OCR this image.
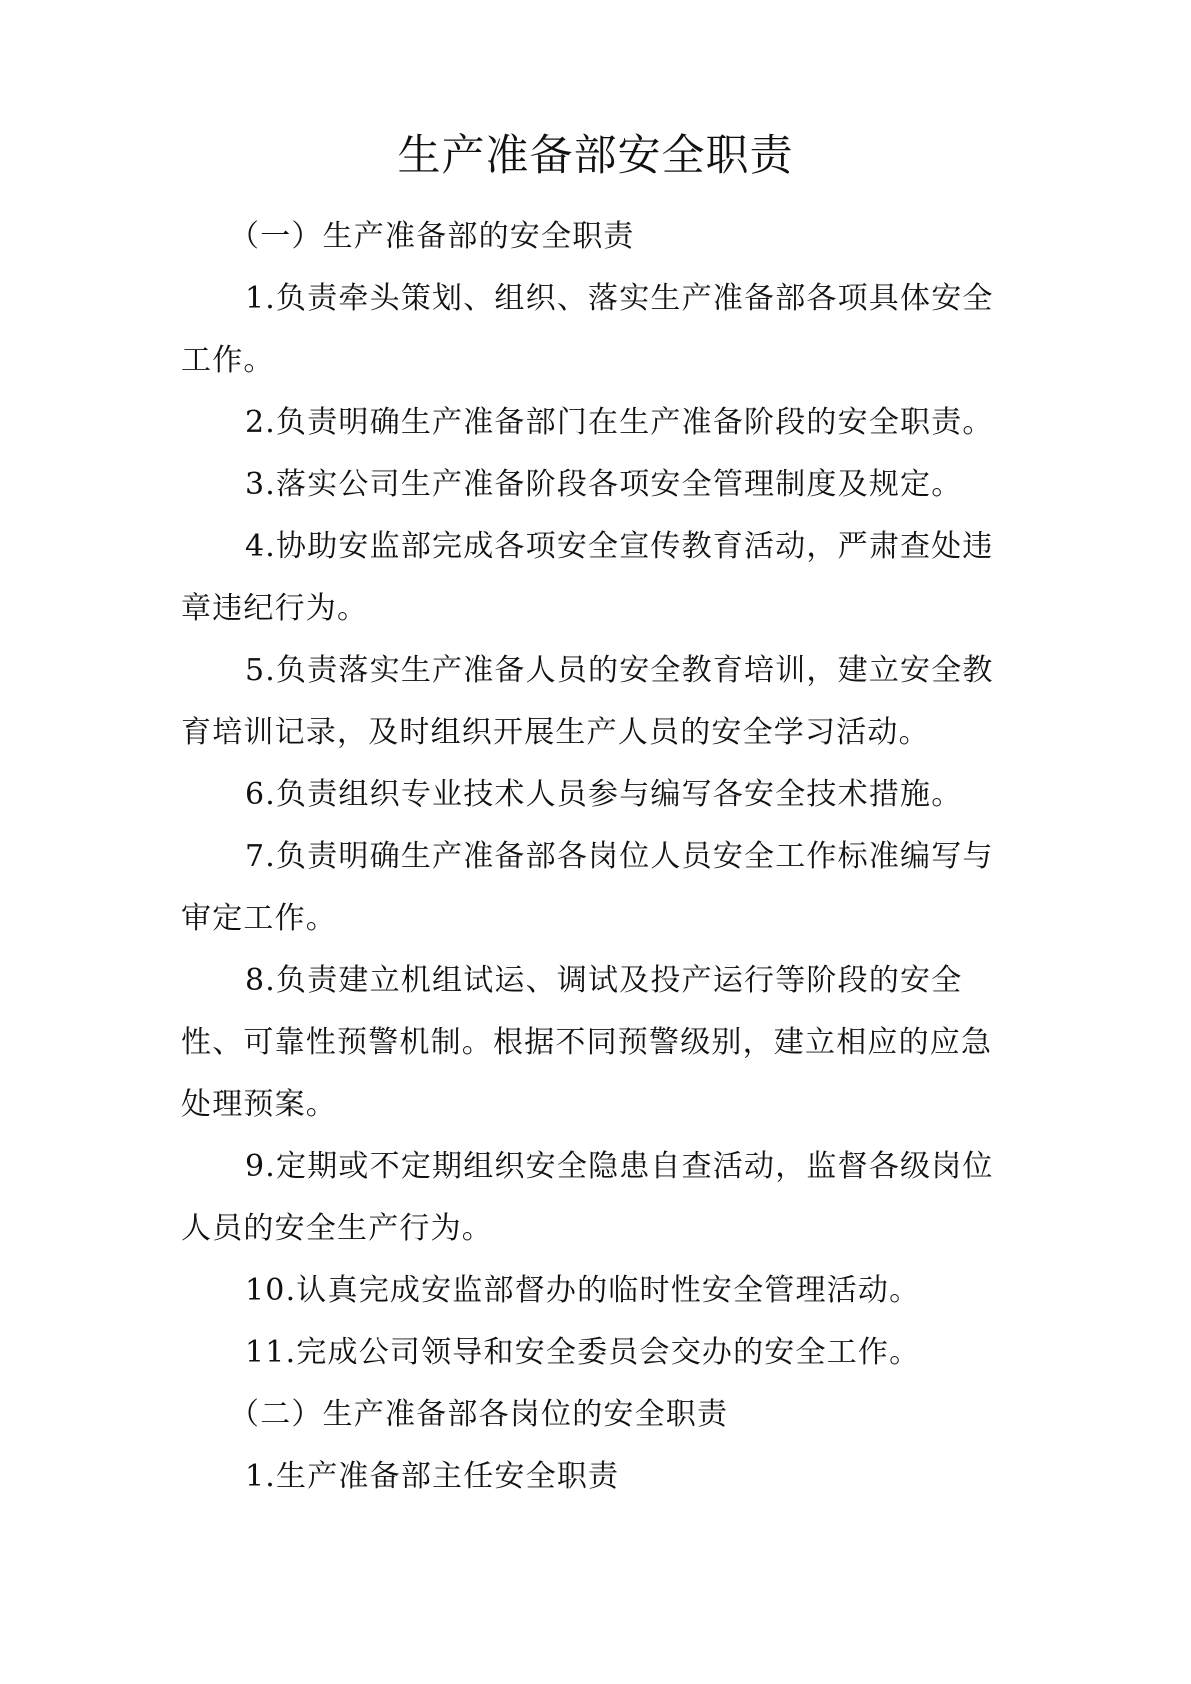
生产准备部安全职责

（一）生产准备部的安全职责

1.负责牵头策划、组织、落实生产准备部各项具体安全工作。

2.负责明确生产准备部门在生产准备阶段的安全职责。

3.落实公司生产准备阶段各项安全管理制度及规定。

4.协助安监部完成各项安全宣传教育活动，严肃查处违章违纪行为。

5.负责落实生产准备人员的安全教育培训，建立安全教育培训记录，及时组织开展生产人员的安全学习活动。

6.负责组织专业技术人员参与编写各安全技术措施。

7.负责明确生产准备部各岗位人员安全工作标准编写与审定工作。

8.负责建立机组试运、调试及投产运行等阶段的安全性、可靠性预警机制。根据不同预警级别，建立相应的应急处理预案。

9.定期或不定期组织安全隐患自查活动，监督各级岗位人员的安全生产行为。

10.认真完成安监部督办的临时性安全管理活动。

11.完成公司领导和安全委员会交办的安全工作。

（二）生产准备部各岗位的安全职责

1.生产准备部主任安全职责
